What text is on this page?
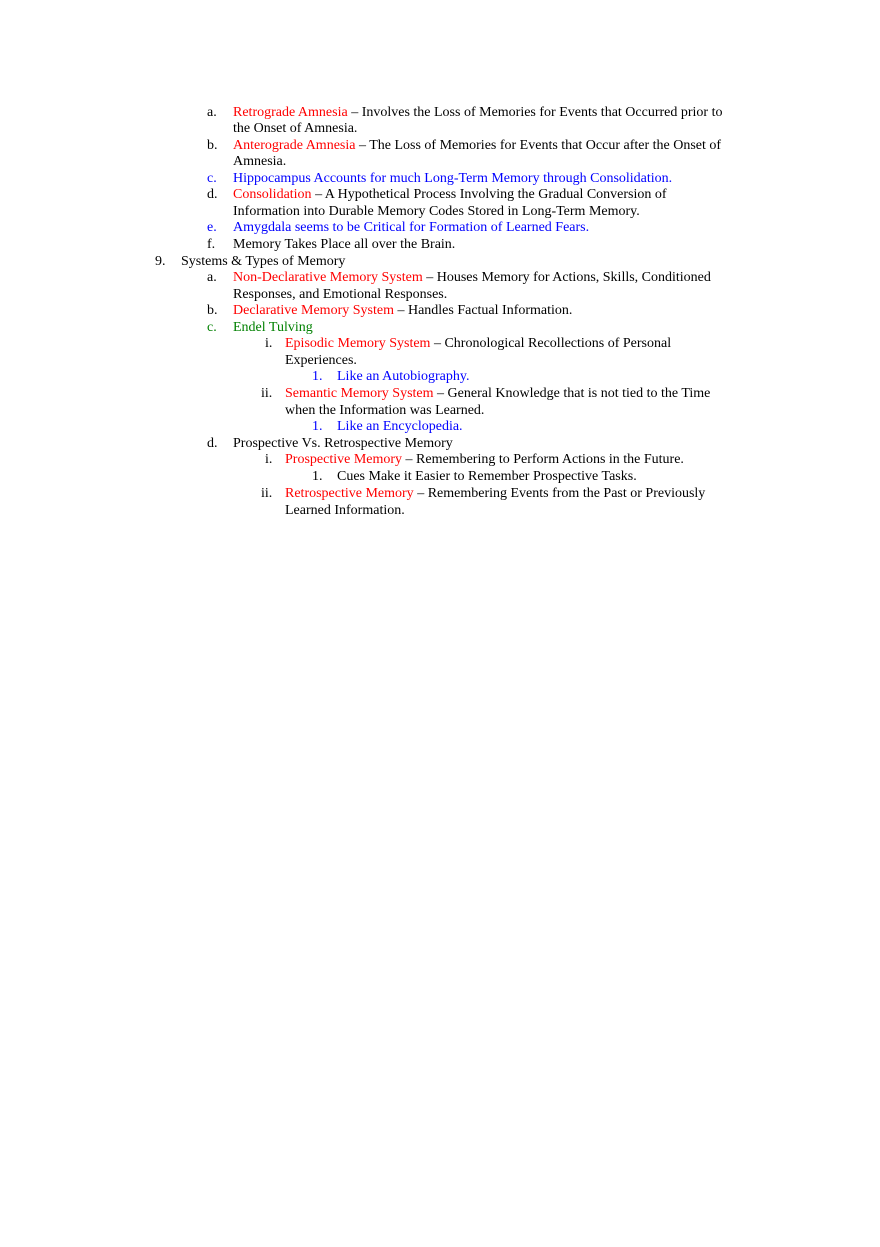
a. Retrograde Amnesia – Involves the Loss of Memories for Events that Occurred prior to
the Onset of Amnesia.
b. Anterograde Amnesia – The Loss of Memories for Events that Occur after the Onset of
Amnesia.
c. Hippocampus Accounts for much Long-Term Memory through Consolidation.
d. Consolidation – A Hypothetical Process Involving the Gradual Conversion of
Information into Durable Memory Codes Stored in Long-Term Memory.
e. Amygdala seems to be Critical for Formation of Learned Fears.
f. Memory Takes Place all over the Brain.
9. Systems & Types of Memory
a. Non-Declarative Memory System – Houses Memory for Actions, Skills, Conditioned
Responses, and Emotional Responses.
b. Declarative Memory System – Handles Factual Information.
c. Endel Tulving
i. Episodic Memory System – Chronological Recollections of Personal
Experiences.
1. Like an Autobiography.
ii. Semantic Memory System – General Knowledge that is not tied to the Time
when the Information was Learned.
1. Like an Encyclopedia.
d. Prospective Vs. Retrospective Memory
i. Prospective Memory – Remembering to Perform Actions in the Future.
1. Cues Make it Easier to Remember Prospective Tasks.
ii. Retrospective Memory – Remembering Events from the Past or Previously
Learned Information.
